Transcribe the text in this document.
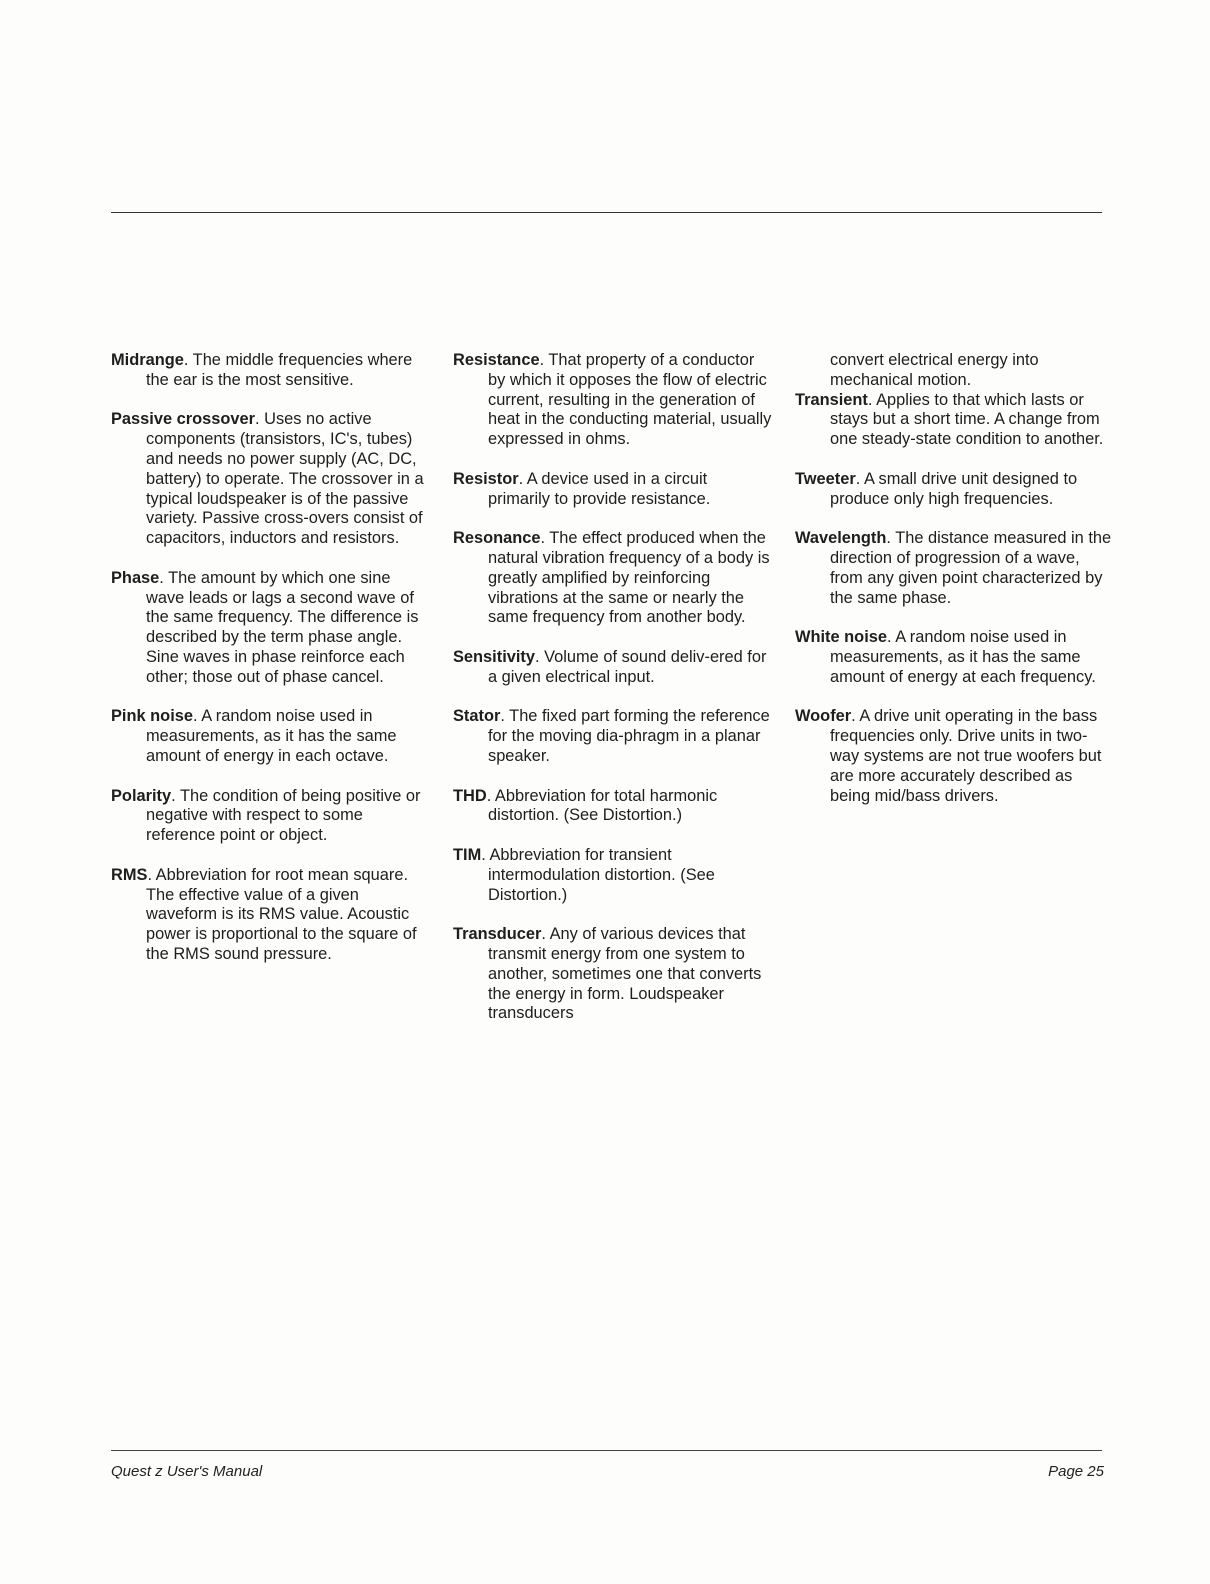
Midrange. The middle frequencies where the ear is the most sensitive.

Passive crossover. Uses no active components (transistors, IC's, tubes) and needs no power supply (AC, DC, battery) to operate. The crossover in a typical loudspeaker is of the passive variety. Passive cross-overs consist of capacitors, inductors and resistors.

Phase. The amount by which one sine wave leads or lags a second wave of the same frequency. The difference is described by the term phase angle. Sine waves in phase reinforce each other; those out of phase cancel.

Pink noise. A random noise used in measurements, as it has the same amount of energy in each octave.

Polarity. The condition of being positive or negative with respect to some reference point or object.

RMS. Abbreviation for root mean square. The effective value of a given waveform is its RMS value. Acoustic power is proportional to the square of the RMS sound pressure.

Resistance. That property of a conductor by which it opposes the flow of electric current, resulting in the generation of heat in the conducting material, usually expressed in ohms.

Resistor. A device used in a circuit primarily to provide resistance.

Resonance. The effect produced when the natural vibration frequency of a body is greatly amplified by reinforcing vibrations at the same or nearly the same frequency from another body.

Sensitivity. Volume of sound deliv-ered for a given electrical input.

Stator. The fixed part forming the reference for the moving dia-phragm in a planar speaker.

THD. Abbreviation for total harmonic distortion. (See Distortion.)

TIM. Abbreviation for transient intermodulation distortion. (See Distortion.)

Transducer. Any of various devices that transmit energy from one system to another, sometimes one that converts the energy in form. Loudspeaker transducers

convert electrical energy into mechanical motion.

Transient. Applies to that which lasts or stays but a short time. A change from one steady-state condition to another.

Tweeter. A small drive unit designed to produce only high frequencies.

Wavelength. The distance measured in the direction of progression of a wave, from any given point characterized by the same phase.

White noise. A random noise used in measurements, as it has the same amount of energy at each frequency.

Woofer. A drive unit operating in the bass frequencies only. Drive units in two-way systems are not true woofers but are more accurately described as being mid/bass drivers.

Quest z User's Manual	Page 25
